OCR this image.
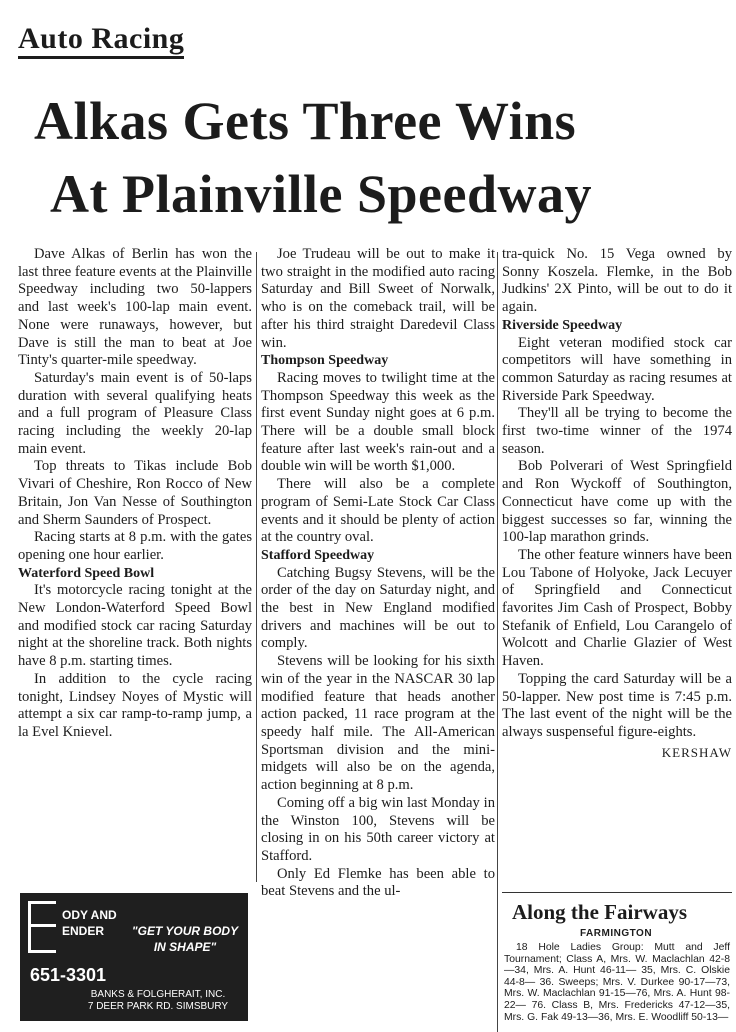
Auto Racing
Alkas Gets Three Wins
At Plainville Speedway

Dave Alkas of Berlin has won the last three feature events at the Plainville Speedway including two 50-lappers and last week's 100-lap main event. None were runaways, however, but Dave is still the man to beat at Joe Tinty's quarter-mile speedway.

Saturday's main event is of 50-laps duration with several qualifying heats and a full program of Pleasure Class racing including the weekly 20-lap main event.

Top threats to Tikas include Bob Vivari of Cheshire, Ron Rocco of New Britain, Jon Van Nesse of Southington and Sherm Saunders of Prospect.

Racing starts at 8 p.m. with the gates opening one hour earlier.

Waterford Speed Bowl

It's motorcycle racing tonight at the New London-Waterford Speed Bowl and modified stock car racing Saturday night at the shoreline track. Both nights have 8 p.m. starting times.

In addition to the cycle racing tonight, Lindsey Noyes of Mystic will attempt a six car ramp-to-ramp jump, a la Evel Knievel.

Joe Trudeau will be out to make it two straight in the modified auto racing Saturday and Bill Sweet of Norwalk, who is on the comeback trail, will be after his third straight Daredevil Class win.

Thompson Speedway

Racing moves to twilight time at the Thompson Speedway this week as the first event Sunday night goes at 6 p.m. There will be a double small block feature after last week's rain-out and a double win will be worth $1,000.

There will also be a complete program of Semi-Late Stock Car Class events and it should be plenty of action at the country oval.

Stafford Speedway

Catching Bugsy Stevens, will be the order of the day on Saturday night, and the best in New England modified drivers and machines will be out to comply.

Stevens will be looking for his sixth win of the year in the NASCAR 30 lap modified feature that heads another action packed, 11 race program at the speedy half mile. The All-American Sportsman division and the mini-midgets will also be on the agenda, action beginning at 8 p.m.

Coming off a big win last Monday in the Winston 100, Stevens will be closing in on his 50th career victory at Stafford.

Only Ed Flemke has been able to beat Stevens and the ul-

tra-quick No. 15 Vega owned by Sonny Koszela. Flemke, in the Bob Judkins' 2X Pinto, will be out to do it again.

Riverside Speedway

Eight veteran modified stock car competitors will have something in common Saturday as racing resumes at Riverside Park Speedway.

They'll all be trying to become the first two-time winner of the 1974 season.

Bob Polverari of West Springfield and Ron Wyckoff of Southington, Connecticut have come up with the biggest successes so far, winning the 100-lap marathon grinds.

The other feature winners have been Lou Tabone of Holyoke, Jack Lecuyer of Springfield and Connecticut favorites Jim Cash of Prospect, Bobby Stefanik of Enfield, Lou Carangelo of Wolcott and Charlie Glazier of West Haven.

Topping the card Saturday will be a 50-lapper. New post time is 7:45 p.m. The last event of the night will be the always suspenseful figure-eights.

KERSHAW
ODY AND
ENDER	"GET YOUR BODY IN SHAPE"
651-3301
BANKS & FOLGHERAIT, INC.
7 DEER PARK RD. SIMSBURY
Along the Fairways
FARMINGTON

18 Hole Ladies Group: Mutt and Jeff Tournament; Class A, Mrs. W. Maclachlan 42-8—34, Mrs. A. Hunt 46-11— 35, Mrs. C. Olskie 44-8— 36. Sweeps; Mrs. V. Durkee 90-17—73, Mrs. W. Maclachlan 91-15—76, Mrs. A. Hunt 98-22— 76. Class B, Mrs. Fredericks 47-12—35, Mrs. G. Fak 49-13—36, Mrs. E. Woodliff 50-13—
